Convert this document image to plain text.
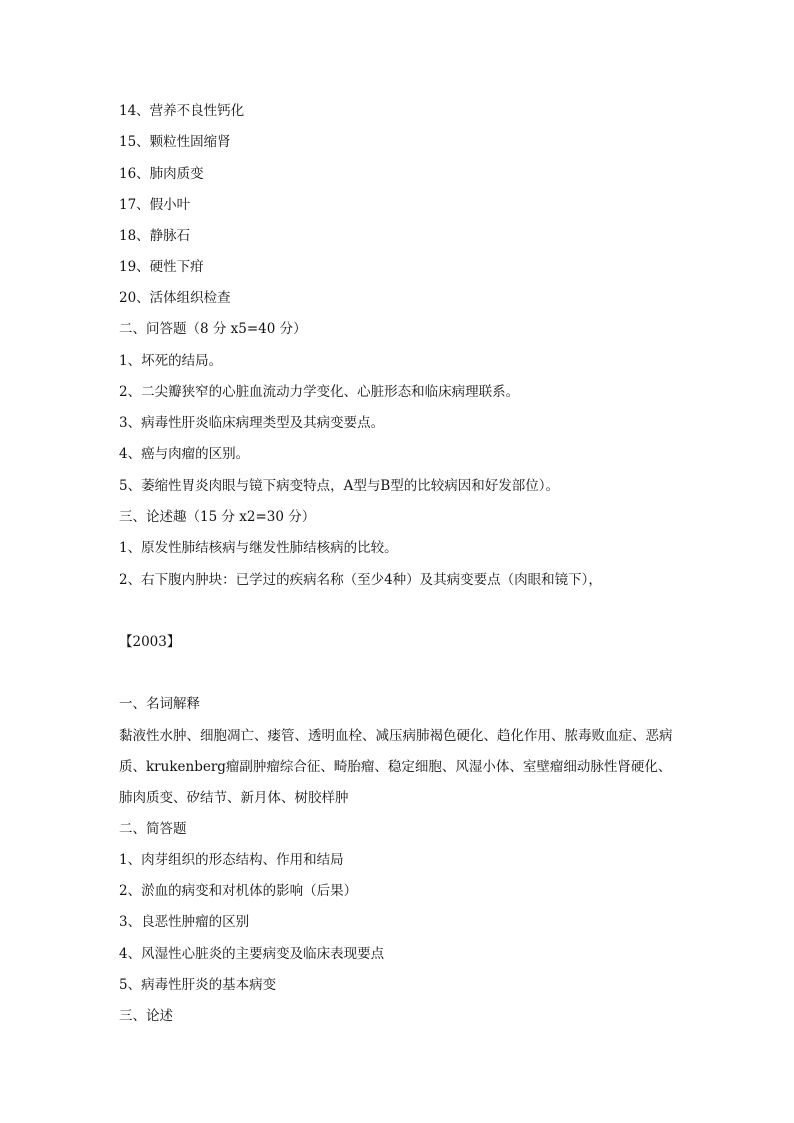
14、营养不良性钙化
15、颗粒性固缩肾
16、肺肉质变
17、假小叶
18、静脉石
19、硬性下疳
20、活体组织检查
二、问答题（8 分 x5=40 分）
1、坏死的结局。
2、二尖瓣狭窄的心脏血流动力学变化、心脏形态和临床病理联系。
3、病毒性肝炎临床病理类型及其病变要点。
4、癌与肉瘤的区别。
5、萎缩性胃炎肉眼与镜下病变特点，A型与B型的比较病因和好发部位）。
三、论述趣（15 分 x2=30 分）
1、原发性肺结核病与继发性肺结核病的比较。
2、右下腹内肿块：已学过的疾病名称（至少4种）及其病变要点（肉眼和镜下），
【2003】
一、名词解释
黏液性水肿、细胞凋亡、瘘管、透明血栓、减压病肺褐色硬化、趋化作用、脓毒败血症、恶病质、krukenberg瘤副肿瘤综合征、畸胎瘤、稳定细胞、风湿小体、室壁瘤细动脉性肾硬化、肺肉质变、矽结节、新月体、树胶样肿
二、简答题
1、肉芽组织的形态结构、作用和结局
2、淤血的病变和对机体的影响（后果）
3、良恶性肿瘤的区别
4、风湿性心脏炎的主要病变及临床表现要点
5、病毒性肝炎的基本病变
三、论述
